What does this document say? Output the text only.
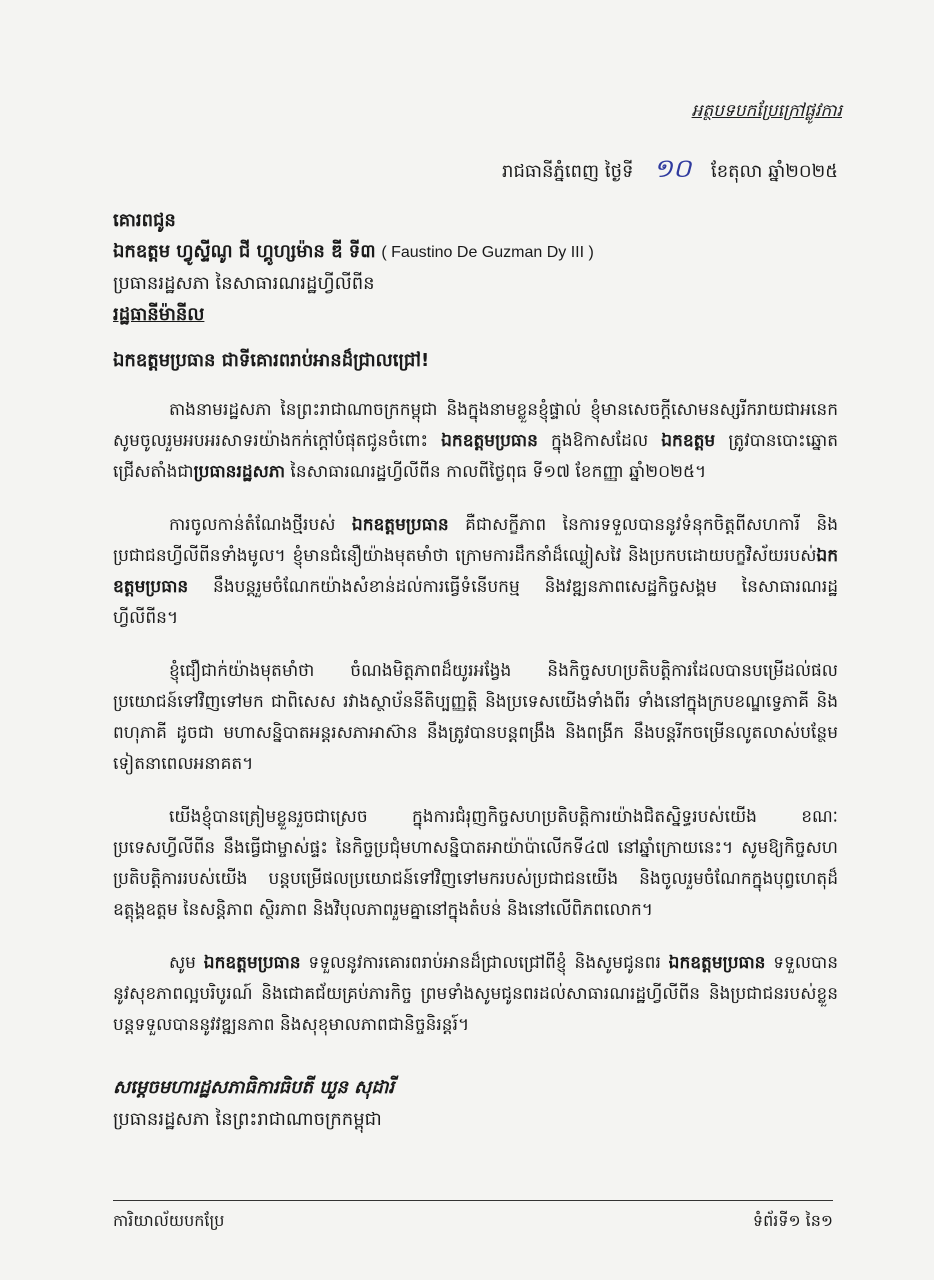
អត្ថបទបកប្រែក្រៅផ្លូវការ
រាជធានីភ្នំពេញ ថ្ងៃទី ១០ ខែតុលា ឆ្នាំ២០២៥
គោរពជូន
ឯកឧត្តម ហ្វូស្ទីណូ ជី ហ្គូហ្សម៉ាន ឌី ទី៣ ( Faustino De Guzman Dy III )
ប្រធានរដ្ឋសភា នៃសាធារណរដ្ឋហ្វីលីពីន
រដ្ឋធានីម៉ានីល
ឯកឧត្តមប្រធាន ជាទីគោរពរាប់អានដ៏ជ្រាលជ្រៅ!

តាងនាមរដ្ឋសភា នៃព្រះរាជាណាចក្រកម្ពុជា និងក្នុងនាមខ្លួនខ្ញុំផ្ទាល់ ខ្ញុំមានសេចក្តីសោមនស្សរីករាយជាអនេក សូមចូលរួមអបអរសាទរយ៉ាងកក់ក្តៅបំផុតជូនចំពោះ ឯកឧត្តមប្រធាន ក្នុងឱកាសដែល ឯកឧត្តម ត្រូវបានបោះឆ្នោតជ្រើសតាំងជាប្រធានរដ្ឋសភា នៃសាធារណរដ្ឋហ្វីលីពីន កាលពីថ្ងៃពុធ ទី១៧ ខែកញ្ញា ឆ្នាំ២០២៥។

ការចូលកាន់តំណែងថ្មីរបស់ ឯកឧត្តមប្រធាន គឺជាសក្ខីភាព នៃការទទួលបាននូវទំនុកចិត្តពីសហការី និងប្រជាជនហ្វីលីពីនទាំងមូល។ ខ្ញុំមានជំនឿយ៉ាងមុតមាំថា ក្រោមការដឹកនាំដ៏ឈ្លៀសវៃ និងប្រកបដោយបក្ខវិស័យរបស់ឯកឧត្តមប្រធាន នឹងបន្តរួមចំណែកយ៉ាងសំខាន់ដល់ការធ្វើទំនើបកម្ម និងវឌ្ឍនភាពសេដ្ឋកិច្ចសង្គម នៃសាធារណរដ្ឋហ្វីលីពីន។

ខ្ញុំជឿជាក់យ៉ាងមុតមាំថា ចំណងមិត្តភាពដ៏យូរអង្វែង និងកិច្ចសហប្រតិបត្តិការដែលបានបម្រើដល់ផលប្រយោជន៍ទៅវិញទៅមក ជាពិសេស រវាងស្ថាប័ននីតិប្បញ្ញត្តិ និងប្រទេសយើងទាំងពីរ ទាំងនៅក្នុងក្របខណ្ឌទ្វេភាគី និងពហុភាគី ដូចជា មហាសន្និបាតអន្តរសភាអាស៊ាន នឹងត្រូវបានបន្តពង្រឹង និងពង្រីក នឹងបន្តរីកចម្រើនលូតលាស់បន្ថែមទៀតនាពេលអនាគត។

យើងខ្ញុំបានត្រៀមខ្លួនរួចជាស្រេច ក្នុងការជំរុញកិច្ចសហប្រតិបត្តិការយ៉ាងជិតស្និទ្ធរបស់យើង ខណៈប្រទេសហ្វីលីពីន នឹងធ្វើជាម្ចាស់ផ្ទះ នៃកិច្ចប្រជុំមហាសន្និបាតអាយ៉ាប៉ាលើកទី៤៧ នៅឆ្នាំក្រោយនេះ។ សូមឱ្យកិច្ចសហប្រតិបត្តិការរបស់យើង បន្តបម្រើផលប្រយោជន៍ទៅវិញទៅមករបស់ប្រជាជនយើង និងចូលរួមចំណែកក្នុងបុព្វហេតុដ៏ឧត្តុង្គឧត្តម នៃសន្តិភាព ស្ថិរភាព និងវិបុលភាពរួមគ្នានៅក្នុងតំបន់ និងនៅលើពិភពលោក។

សូម ឯកឧត្តមប្រធាន ទទួលនូវការគោរពរាប់អានដ៏ជ្រាលជ្រៅពីខ្ញុំ និងសូមជូនពរ ឯកឧត្តមប្រធាន ទទួលបាននូវសុខភាពល្អបរិបូរណ៍ និងជោគជ័យគ្រប់ភារកិច្ច ព្រមទាំងសូមជូនពរដល់សាធារណរដ្ឋហ្វីលីពីន និងប្រជាជនរបស់ខ្លួន បន្តទទួលបាននូវវឌ្ឍនភាព និងសុខុមាលភាពជានិច្ចនិរន្តរ៍។

សម្តេចមហារដ្ឋសភាធិការធិបតី ឃួន សុដារី
ប្រធានរដ្ឋសភា នៃព្រះរាជាណាចក្រកម្ពុជា
ការិយាល័យបកប្រែ	ទំព័រទី១ នៃ១
